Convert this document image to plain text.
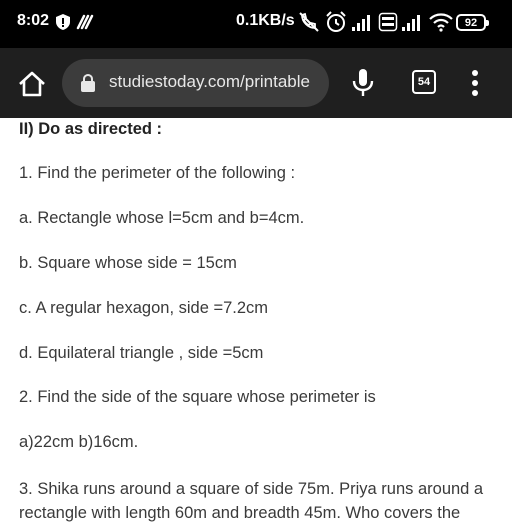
8:02	0.1KB/s	92
studiestoday.com/printable	54
II) Do as directed :
1. Find the perimeter of the following :
a. Rectangle whose l=5cm and b=4cm.
b. Square whose side = 15cm
c. A regular hexagon, side =7.2cm
d. Equilateral triangle , side =5cm
2. Find the side of the square whose perimeter is
a)22cm b)16cm.
3. Shika runs around a square of side 75m. Priya runs around a
rectangle with length 60m and breadth 45m. Who covers the
